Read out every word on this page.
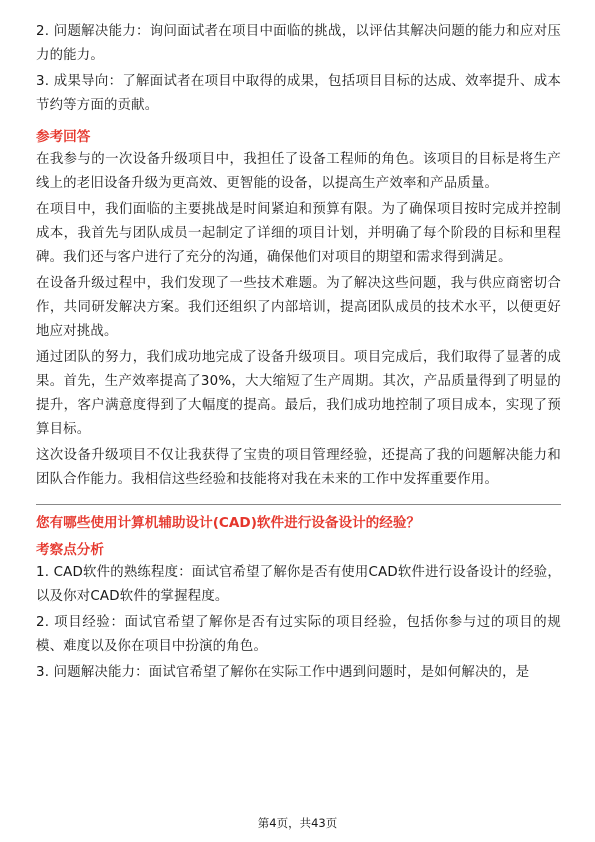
2. 问题解决能力：询问面试者在项目中面临的挑战，以评估其解决问题的能力和应对压力的能力。

3. 成果导向：了解面试者在项目中取得的成果，包括项目目标的达成、效率提升、成本节约等方面的贡献。

参考回答

在我参与的一次设备升级项目中，我担任了设备工程师的角色。该项目的目标是将生产线上的老旧设备升级为更高效、更智能的设备，以提高生产效率和产品质量。

在项目中，我们面临的主要挑战是时间紧迫和预算有限。为了确保项目按时完成并控制成本，我首先与团队成员一起制定了详细的项目计划，并明确了每个阶段的目标和里程碑。我们还与客户进行了充分的沟通，确保他们对项目的期望和需求得到满足。

在设备升级过程中，我们发现了一些技术难题。为了解决这些问题，我与供应商密切合作，共同研发解决方案。我们还组织了内部培训，提高团队成员的技术水平，以便更好地应对挑战。

通过团队的努力，我们成功地完成了设备升级项目。项目完成后，我们取得了显著的成果。首先，生产效率提高了30%，大大缩短了生产周期。其次，产品质量得到了明显的提升，客户满意度得到了大幅度的提高。最后，我们成功地控制了项目成本，实现了预算目标。

这次设备升级项目不仅让我获得了宝贵的项目管理经验，还提高了我的问题解决能力和团队合作能力。我相信这些经验和技能将对我在未来的工作中发挥重要作用。

您有哪些使用计算机辅助设计(CAD)软件进行设备设计的经验？
考察点分析

1. CAD软件的熟练程度：面试官希望了解你是否有使用CAD软件进行设备设计的经验，以及你对CAD软件的掌握程度。

2. 项目经验：面试官希望了解你是否有过实际的项目经验，包括你参与过的项目的规模、难度以及你在项目中扮演的角色。

3. 问题解决能力：面试官希望了解你在实际工作中遇到问题时，是如何解决的，是

第4页，共43页
